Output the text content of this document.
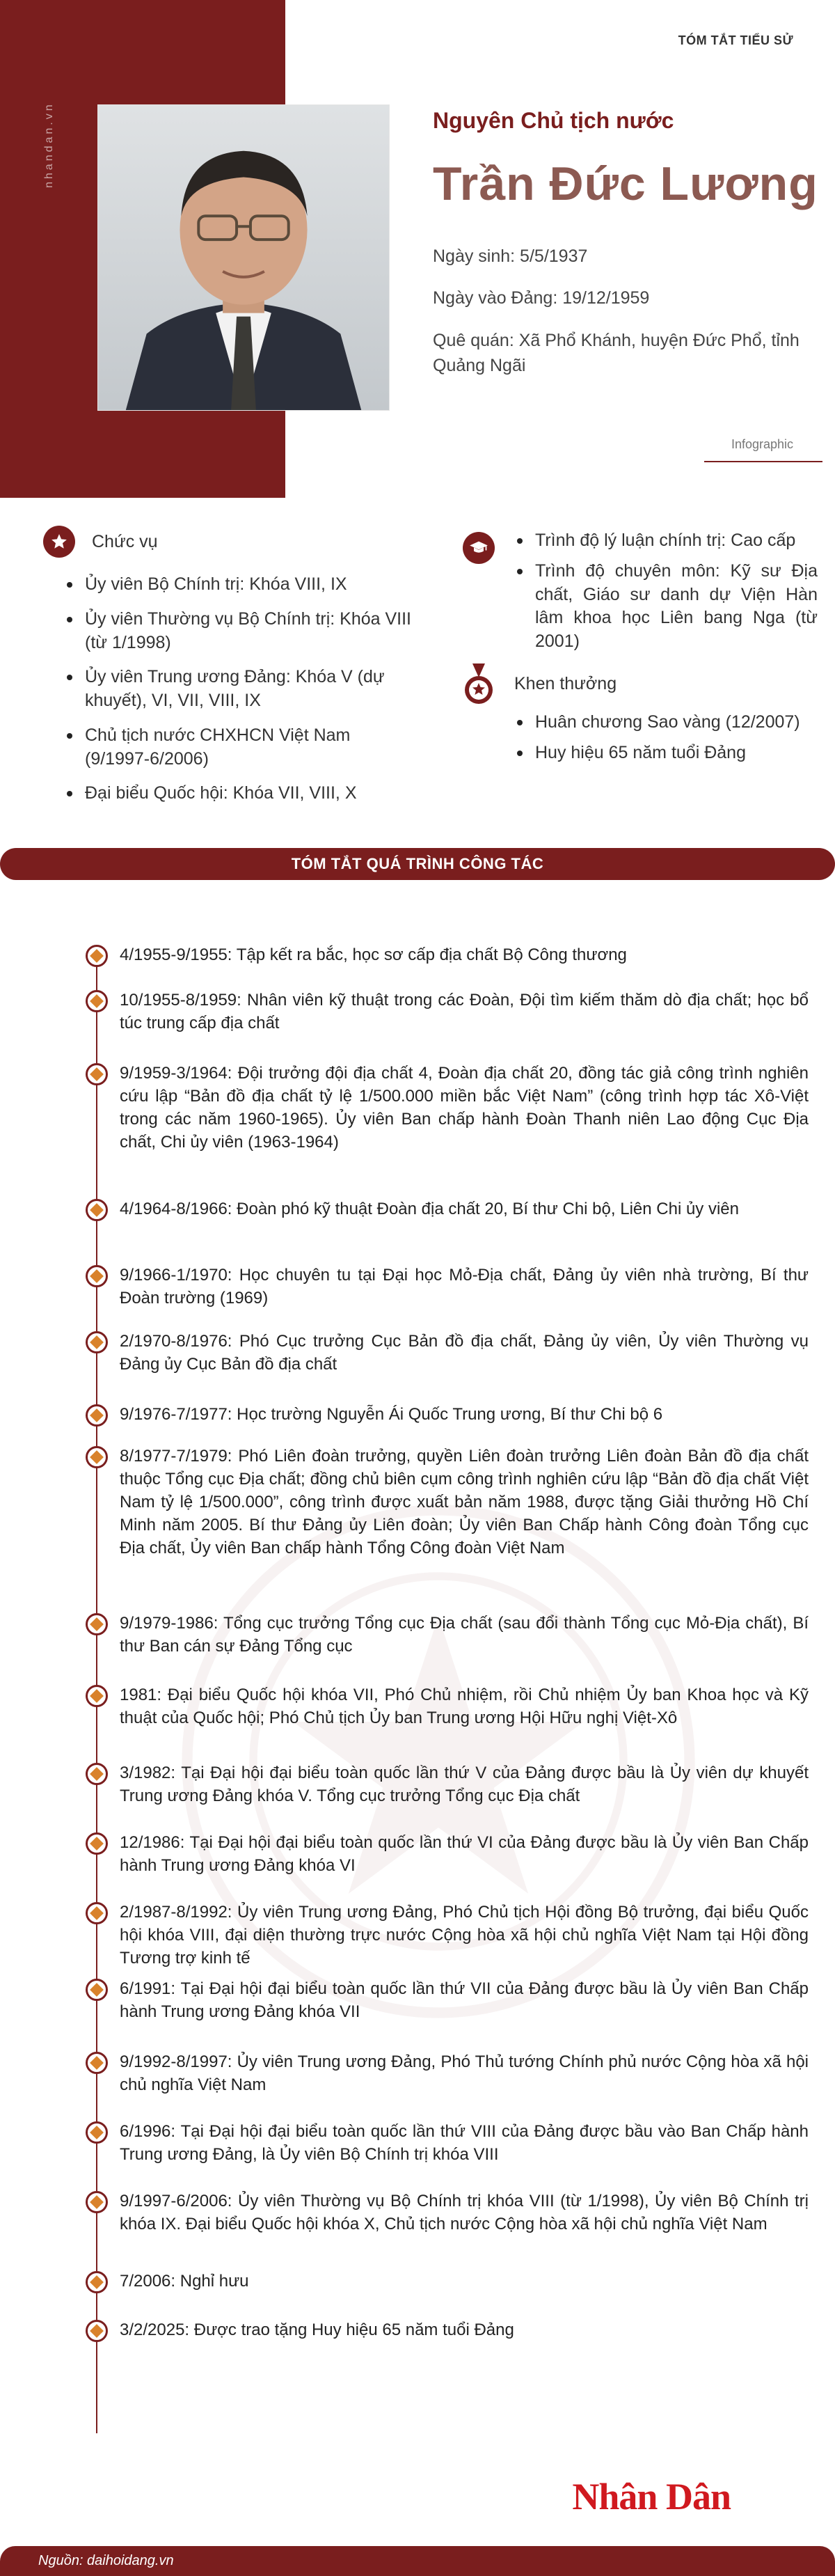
nhandan.vn
TÓM TẮT TIỂU SỬ
Nguyên Chủ tịch nước
Trần Đức Lương

Ngày sinh: 5/5/1937

Ngày vào Đảng: 19/12/1959

Quê quán: Xã Phổ Khánh, huyện Đức Phổ, tỉnh Quảng Ngãi

Infographic
Chức vụ
Ủy viên Bộ Chính trị: Khóa VIII, IX
Ủy viên Thường vụ Bộ Chính trị: Khóa VIII (từ 1/1998)
Ủy viên Trung ương Đảng: Khóa V (dự khuyết), VI, VII, VIII, IX
Chủ tịch nước CHXHCN Việt Nam (9/1997-6/2006)
Đại biểu Quốc hội: Khóa VII, VIII, X
Trình độ lý luận chính trị: Cao cấp
Trình độ chuyên môn: Kỹ sư Địa chất, Giáo sư danh dự Viện Hàn lâm khoa học Liên bang Nga (từ 2001)
Khen thưởng
Huân chương Sao vàng (12/2007)
Huy hiệu 65 năm tuổi Đảng
TÓM TẮT QUÁ TRÌNH CÔNG TÁC
4/1955-9/1955: Tập kết ra bắc, học sơ cấp địa chất Bộ Công thương
10/1955-8/1959: Nhân viên kỹ thuật trong các Đoàn, Đội tìm kiếm thăm dò địa chất; học bổ túc trung cấp địa chất
9/1959-3/1964: Đội trưởng đội địa chất 4, Đoàn địa chất 20, đồng tác giả công trình nghiên cứu lập “Bản đồ địa chất tỷ lệ 1/500.000 miền bắc Việt Nam” (công trình hợp tác Xô-Việt trong các năm 1960-1965). Ủy viên Ban chấp hành Đoàn Thanh niên Lao động Cục Địa chất, Chi ủy viên (1963-1964)
4/1964-8/1966: Đoàn phó kỹ thuật Đoàn địa chất 20, Bí thư Chi bộ, Liên Chi ủy viên
9/1966-1/1970: Học chuyên tu tại Đại học Mỏ-Địa chất, Đảng ủy viên nhà trường, Bí thư Đoàn trường (1969)
2/1970-8/1976: Phó Cục trưởng Cục Bản đồ địa chất, Đảng ủy viên, Ủy viên Thường vụ Đảng ủy Cục Bản đồ địa chất
9/1976-7/1977: Học trường Nguyễn Ái Quốc Trung ương, Bí thư Chi bộ 6
8/1977-7/1979: Phó Liên đoàn trưởng, quyền Liên đoàn trưởng Liên đoàn Bản đồ địa chất thuộc Tổng cục Địa chất; đồng chủ biên cụm công trình nghiên cứu lập “Bản đồ địa chất Việt Nam tỷ lệ 1/500.000”, công trình được xuất bản năm 1988, được tặng Giải thưởng Hồ Chí Minh năm 2005. Bí thư Đảng ủy Liên đoàn; Ủy viên Ban Chấp hành Công đoàn Tổng cục Địa chất, Ủy viên Ban chấp hành Tổng Công đoàn Việt Nam
9/1979-1986: Tổng cục trưởng Tổng cục Địa chất (sau đổi thành Tổng cục Mỏ-Địa chất), Bí thư Ban cán sự Đảng Tổng cục
1981: Đại biểu Quốc hội khóa VII, Phó Chủ nhiệm, rồi Chủ nhiệm Ủy ban Khoa học và Kỹ thuật của Quốc hội; Phó Chủ tịch Ủy ban Trung ương Hội Hữu nghị Việt-Xô
3/1982: Tại Đại hội đại biểu toàn quốc lần thứ V của Đảng được bầu là Ủy viên dự khuyết Trung ương Đảng khóa V. Tổng cục trưởng Tổng cục Địa chất
12/1986: Tại Đại hội đại biểu toàn quốc lần thứ VI của Đảng được bầu là Ủy viên Ban Chấp hành Trung ương Đảng khóa VI
2/1987-8/1992: Ủy viên Trung ương Đảng, Phó Chủ tịch Hội đồng Bộ trưởng, đại biểu Quốc hội khóa VIII, đại diện thường trực nước Cộng hòa xã hội chủ nghĩa Việt Nam tại Hội đồng Tương trợ kinh tế
6/1991: Tại Đại hội đại biểu toàn quốc lần thứ VII của Đảng được bầu là Ủy viên Ban Chấp hành Trung ương Đảng khóa VII
9/1992-8/1997: Ủy viên Trung ương Đảng, Phó Thủ tướng Chính phủ nước Cộng hòa xã hội chủ nghĩa Việt Nam
6/1996: Tại Đại hội đại biểu toàn quốc lần thứ VIII của Đảng được bầu vào Ban Chấp hành Trung ương Đảng, là Ủy viên Bộ Chính trị khóa VIII
9/1997-6/2006: Ủy viên Thường vụ Bộ Chính trị khóa VIII (từ 1/1998), Ủy viên Bộ Chính trị khóa IX. Đại biểu Quốc hội khóa X, Chủ tịch nước Cộng hòa xã hội chủ nghĩa Việt Nam
7/2006: Nghỉ hưu
3/2/2025: Được trao tặng Huy hiệu 65 năm tuổi Đảng
Nhân Dân
Nguồn: daihoidang.vn
